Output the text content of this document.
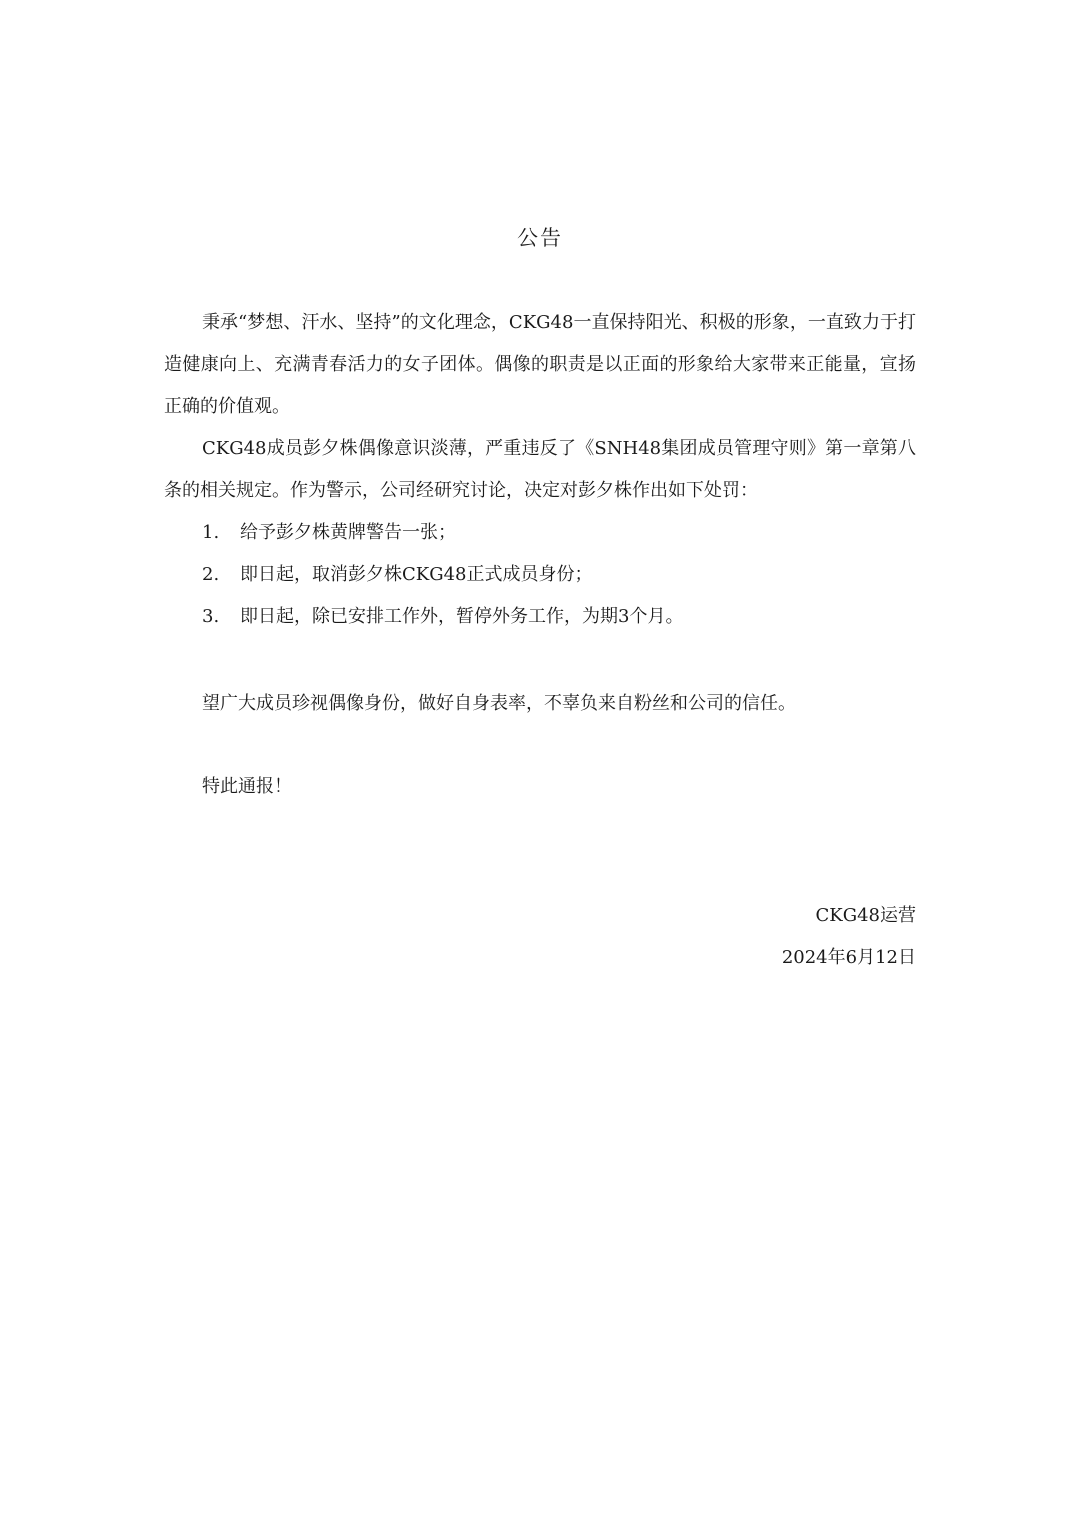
公告
秉承“梦想、汗水、坚持”的文化理念，CKG48一直保持阳光、积极的形象，一直致力于打造健康向上、充满青春活力的女子团体。偶像的职责是以正面的形象给大家带来正能量，宣扬正确的价值观。
CKG48成员彭夕株偶像意识淡薄，严重违反了《SNH48集团成员管理守则》第一章第八条的相关规定。作为警示，公司经研究讨论，决定对彭夕株作出如下处罚：
1.	给予彭夕株黄牌警告一张；
2.	即日起，取消彭夕株CKG48正式成员身份；
3.	即日起，除已安排工作外，暂停外务工作，为期3个月。
望广大成员珍视偶像身份，做好自身表率，不辜负来自粉丝和公司的信任。
特此通报！
CKG48运营
2024年6月12日
